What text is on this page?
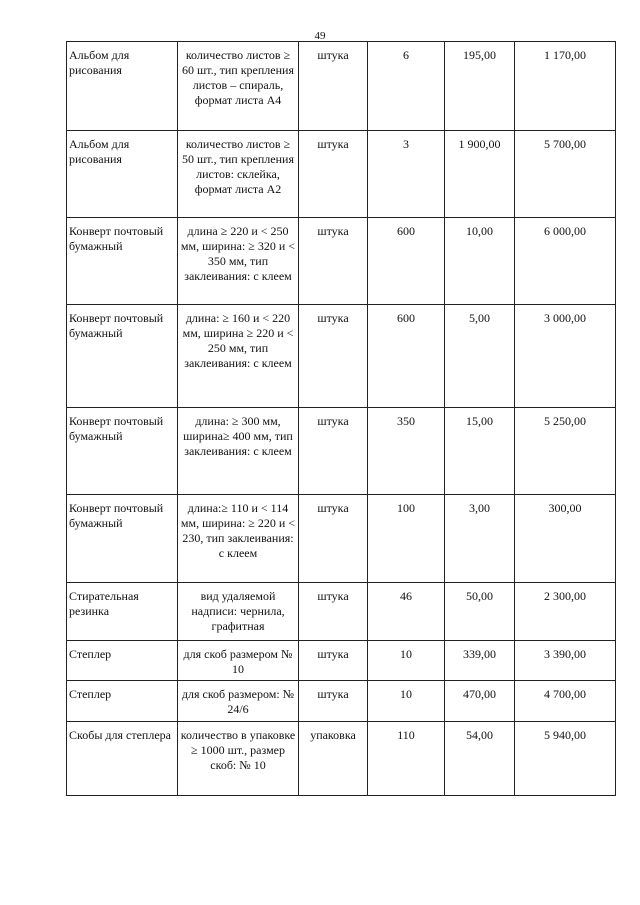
49
Альбом для рисования	количество листов ≥ 60 шт., тип крепления листов – спираль, формат листа А4	штука	6	195,00	1 170,00
Альбом для рисования	количество листов ≥ 50 шт., тип крепления листов: склейка, формат листа А2	штука	3	1 900,00	5 700,00
Конверт почтовый бумажный	длина ≥ 220 и < 250 мм, ширина: ≥ 320 и < 350 мм, тип заклеивания: с клеем	штука	600	10,00	6 000,00
Конверт почтовый бумажный	длина: ≥ 160 и < 220 мм, ширина ≥ 220 и < 250 мм, тип заклеивания: с клеем	штука	600	5,00	3 000,00
Конверт почтовый бумажный	длина: ≥ 300 мм, ширина≥ 400 мм, тип заклеивания: с клеем	штука	350	15,00	5 250,00
Конверт почтовый бумажный	длина:≥ 110 и < 114 мм, ширина: ≥ 220 и < 230, тип заклеивания: с клеем	штука	100	3,00	300,00
Стирательная резинка	вид удаляемой надписи: чернила, графитная	штука	46	50,00	2 300,00
Степлер	для скоб размером № 10	штука	10	339,00	3 390,00
Степлер	для скоб размером: № 24/6	штука	10	470,00	4 700,00
Скобы для степлера	количество в упаковке ≥ 1000 шт., размер скоб: № 10	упаковка	110	54,00	5 940,00
